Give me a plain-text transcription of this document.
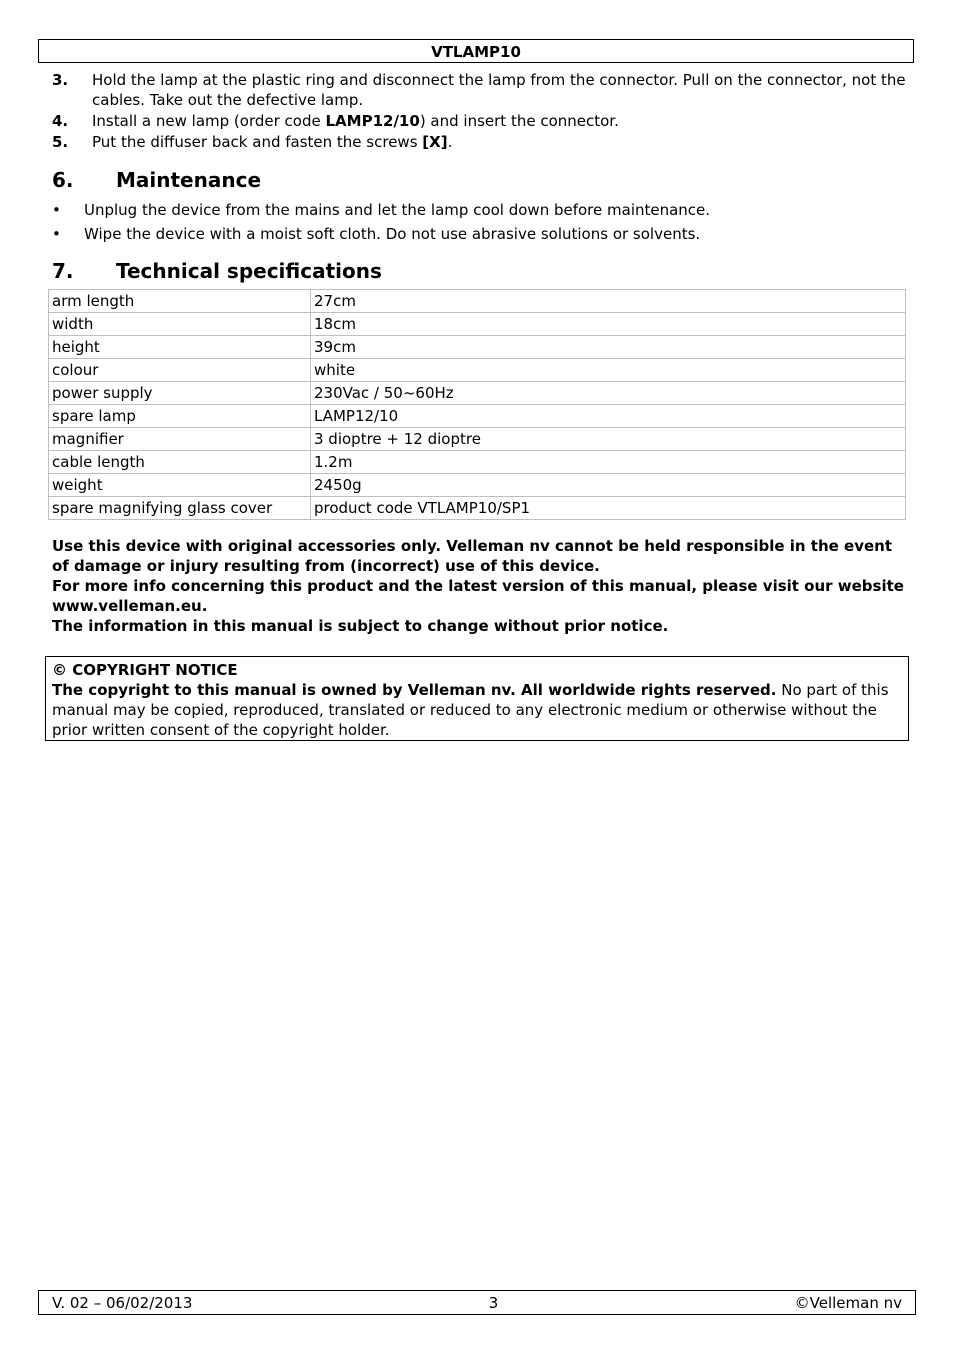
VTLAMP10
3.	Hold the lamp at the plastic ring and disconnect the lamp from the connector. Pull on the connector, not the cables. Take out the defective lamp.
4.	Install a new lamp (order code LAMP12/10) and insert the connector.
5.	Put the diffuser back and fasten the screws [X].
6.	Maintenance
•	Unplug the device from the mains and let the lamp cool down before maintenance.
•	Wipe the device with a moist soft cloth. Do not use abrasive solutions or solvents.
7.	Technical specifications
arm length	27cm
width	18cm
height	39cm
colour	white
power supply	230Vac / 50~60Hz
spare lamp	LAMP12/10
magnifier	3 dioptre + 12 dioptre
cable length	1.2m
weight	2450g
spare magnifying glass cover	product code VTLAMP10/SP1

Use this device with original accessories only. Velleman nv cannot be held responsible in the event of damage or injury resulting from (incorrect) use of this device.

For more info concerning this product and the latest version of this manual, please visit our website www.velleman.eu.

The information in this manual is subject to change without prior notice.

© COPYRIGHT NOTICE

The copyright to this manual is owned by Velleman nv. All worldwide rights reserved. No part of this manual may be copied, reproduced, translated or reduced to any electronic medium or otherwise without the prior written consent of the copyright holder.

V. 02 – 06/02/2013	3	©Velleman nv
